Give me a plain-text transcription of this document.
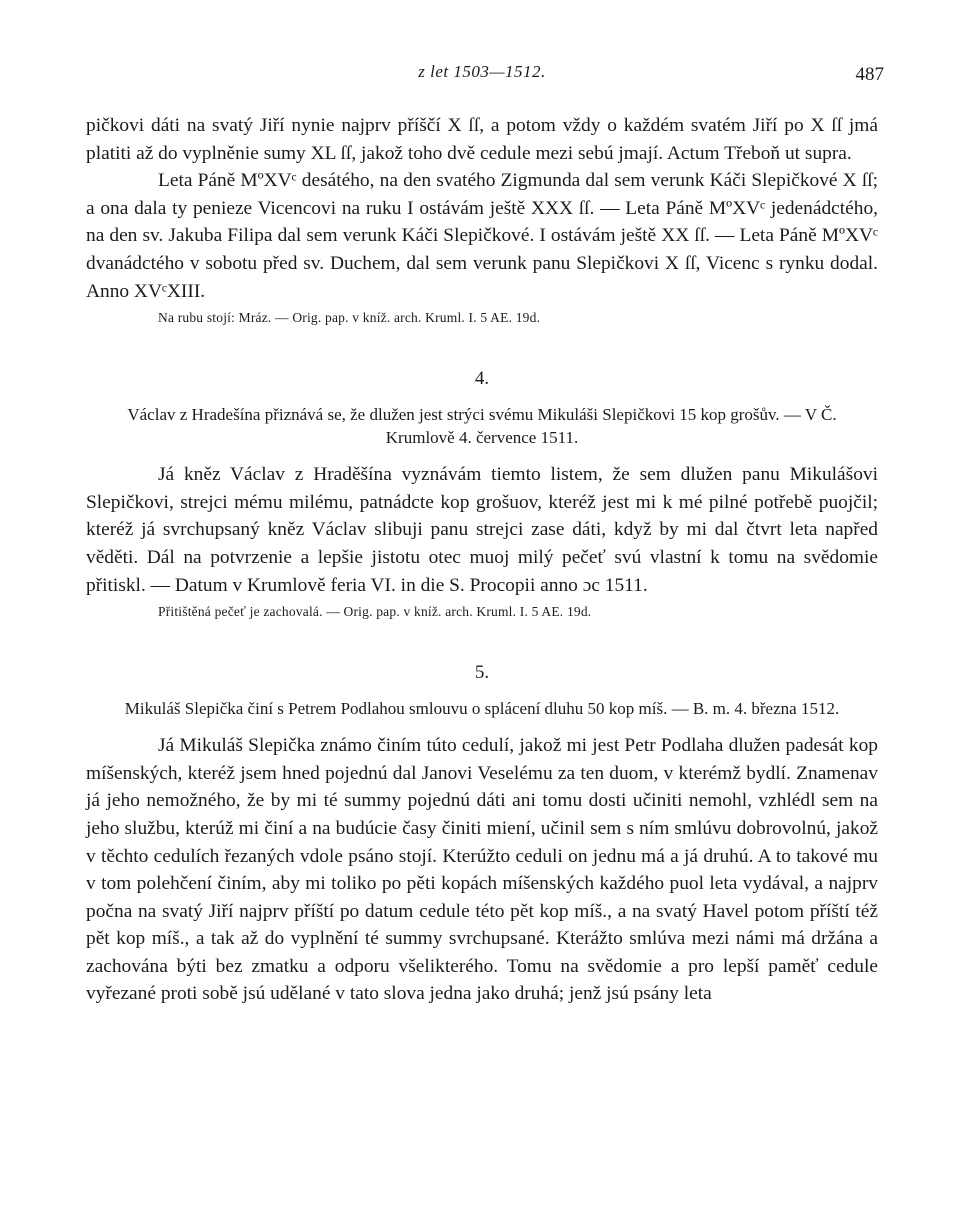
z let 1503—1512.	487

pičkovi dáti na svatý Jiří nynie najprv příščí X ſſ, a potom vždy o každém svatém Jiří po X ſſ jmá platiti až do vyplněnie sumy XL ſſ, jakož toho dvě cedule mezi sebú jmají. Actum Třeboň ut supra.

Leta Páně MºXVᶜ desátého, na den svatého Zigmunda dal sem verunk Káči Slepičkové X ſſ; a ona dala ty penieze Vicencovi na ruku I ostávám ještě XXX ſſ. — Leta Páně MºXVᶜ jedenádctého, na den sv. Jakuba Filipa dal sem verunk Káči Slepičkové. I ostávám ještě XX ſſ. — Leta Páně MºXVᶜ dvanádctého v sobotu před sv. Duchem, dal sem verunk panu Slepičkovi X ſſ, Vicenc s rynku dodal. Anno XVᶜXIII.

Na rubu stojí: Mráz. — Orig. pap. v kníž. arch. Kruml. I. 5 AE. 19d.

4.
Václav z Hradešína přiznává se, že dlužen jest strýci svému Mikuláši Slepičkovi 15 kop grošův. — V Č. Krumlově 4. července 1511.

Já kněz Václav z Hraděšína vyznávám tiemto listem, že sem dlužen panu Mikulášovi Slepičkovi, strejci mému milému, patnádcte kop grošuov, kteréž jest mi k mé pilné potřebě puojčil; kteréž já svrchupsaný kněz Václav slibuji panu strejci zase dáti, když by mi dal čtvrt leta napřed věděti. Dál na potvrzenie a lepšie jistotu otec muoj milý pečeť svú vlastní k tomu na svědomie přitiskl. — Datum v Krumlově feria VI. in die S. Procopii anno ɔc 1511.

Přitištěná pečeť je zachovalá. — Orig. pap. v kníž. arch. Kruml. I. 5 AE. 19d.

5.
Mikuláš Slepička činí s Petrem Podlahou smlouvu o splácení dluhu 50 kop míš. — B. m. 4. března 1512.

Já Mikuláš Slepička známo činím túto cedulí, jakož mi jest Petr Podlaha dlužen padesát kop míšenských, kteréž jsem hned pojednú dal Janovi Veselému za ten duom, v kterémž bydlí. Znamenav já jeho nemožného, že by mi té summy pojednú dáti ani tomu dosti učiniti nemohl, vzhlédl sem na jeho službu, kterúž mi činí a na budúcie časy činiti miení, učinil sem s ním smlúvu dobrovolnú, jakož v těchto cedulích řezaných vdole psáno stojí. Kterúžto ceduli on jednu má a já druhú. A to takové mu v tom polehčení činím, aby mi toliko po pěti kopách míšenských každého puol leta vydával, a najprv počna na svatý Jiří najprv příští po datum cedule této pět kop míš., a na svatý Havel potom příští též pět kop míš., a tak až do vyplnění té summy svrchupsané. Kterážto smlúva mezi námi má držána a zachována býti bez zmatku a odporu všelikterého. Tomu na svědomie a pro lepší paměť cedule vyřezané proti sobě jsú udělané v tato slova jedna jako druhá; jenž jsú psány leta
